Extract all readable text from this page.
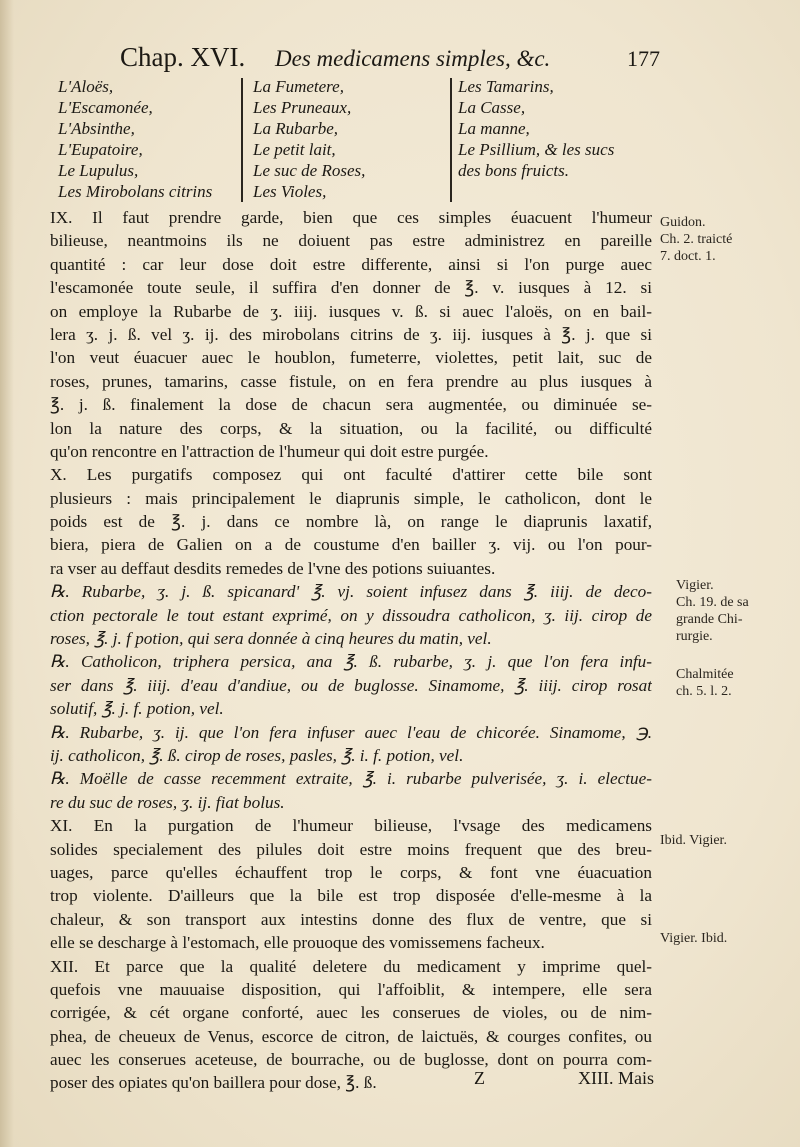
Chap. XVI. Des medicamens simples, &c.	177
L'Aloës,
L'Escamonée,
L'Absinthe,
L'Eupatoire,
Le Lupulus,
Les Mirobolans citrins
La Fumetere,
Les Pruneaux,
La Rubarbe,
Le petit lait,
Le suc de Roses,
Les Violes,
Les Tamarins,
La Casse,
La manne,
Le Psillium, & les sucs
des bons fruicts.
IX. Il faut prendre garde, bien que ces simples éuacuent l'humeur
bilieuse, neantmoins ils ne doiuent pas estre administrez en pareille
quantité : car leur dose doit estre differente, ainsi si l'on purge auec
l'escamonée toute seule, il suffira d'en donner de ℥. v. iusques à 12. si
on employe la Rubarbe de ʒ. iiij. iusques v. ß. si auec l'aloës, on en bail-
lera ʒ. j. ß. vel ʒ. ij. des mirobolans citrins de ʒ. iij. iusques à ℥. j. que si
l'on veut éuacuer auec le houblon, fumeterre, violettes, petit lait, suc de
roses, prunes, tamarins, casse fistule, on en fera prendre au plus iusques à
℥. j. ß. finalement la dose de chacun sera augmentée, ou diminuée se-
lon la nature des corps, & la situation, ou la facilité, ou difficulté
qu'on rencontre en l'attraction de l'humeur qui doit estre purgée.
X. Les purgatifs composez qui ont faculté d'attirer cette bile sont
plusieurs : mais principalement le diaprunis simple, le catholicon, dont le
poids est de ℥. j. dans ce nombre là, on range le diaprunis laxatif,
biera, piera de Galien on a de coustume d'en bailler ʒ. vij. ou l'on pour-
ra vser au deffaut desdits remedes de l'vne des potions suiuantes.
℞. Rubarbe, ʒ. j. ß. spicanard' ℥. vj. soient infusez dans ℥. iiij. de deco-
ction pectorale le tout estant exprimé, on y dissoudra catholicon, ʒ. iij. cirop de
roses, ℥. j. f potion, qui sera donnée à cinq heures du matin, vel.
℞. Catholicon, triphera persica, ana ℥. ß. rubarbe, ʒ. j. que l'on fera infu-
ser dans ℥. iiij. d'eau d'andiue, ou de buglosse. Sinamome, ℥. iiij. cirop rosat
solutif, ℥. j. f. potion, vel.
℞. Rubarbe, ʒ. ij. que l'on fera infuser auec l'eau de chicorée. Sinamome, ℈.
ij. catholicon, ℥. ß. cirop de roses, pasles, ℥. i. f. potion, vel.
℞. Moëlle de casse recemment extraite, ℥. i. rubarbe pulverisée, ʒ. i. electue-
re du suc de roses, ʒ. ij. fiat bolus.
XI. En la purgation de l'humeur bilieuse, l'vsage des medicamens
solides specialement des pilules doit estre moins frequent que des breu-
uages, parce qu'elles échauffent trop le corps, & font vne éuacuation
trop violente. D'ailleurs que la bile est trop disposée d'elle-mesme à la
chaleur, & son transport aux intestins donne des flux de ventre, que si
elle se descharge à l'estomach, elle prouoque des vomissemens facheux.
XII. Et parce que la qualité deletere du medicament y imprime quel-
quefois vne mauuaise disposition, qui l'affoiblit, & intempere, elle sera
corrigée, & cét organe conforté, auec les conserues de violes, ou de nim-
phea, de cheueux de Venus, escorce de citron, de laictuës, & courges confites, ou
auec les conserues aceteuse, de bourrache, ou de buglosse, dont on pourra com-
poser des opiates qu'on baillera pour dose, ℥. ß.
Guidon.
Ch. 2. traicté
7. doct. 1.
Vigier.
Ch. 19. de sa
grande Chi-
rurgie.
Chalmitée
ch. 5. l. 2.
Ibid. Vigier.
Vigier. Ibid.
Z	XIII. Mais
